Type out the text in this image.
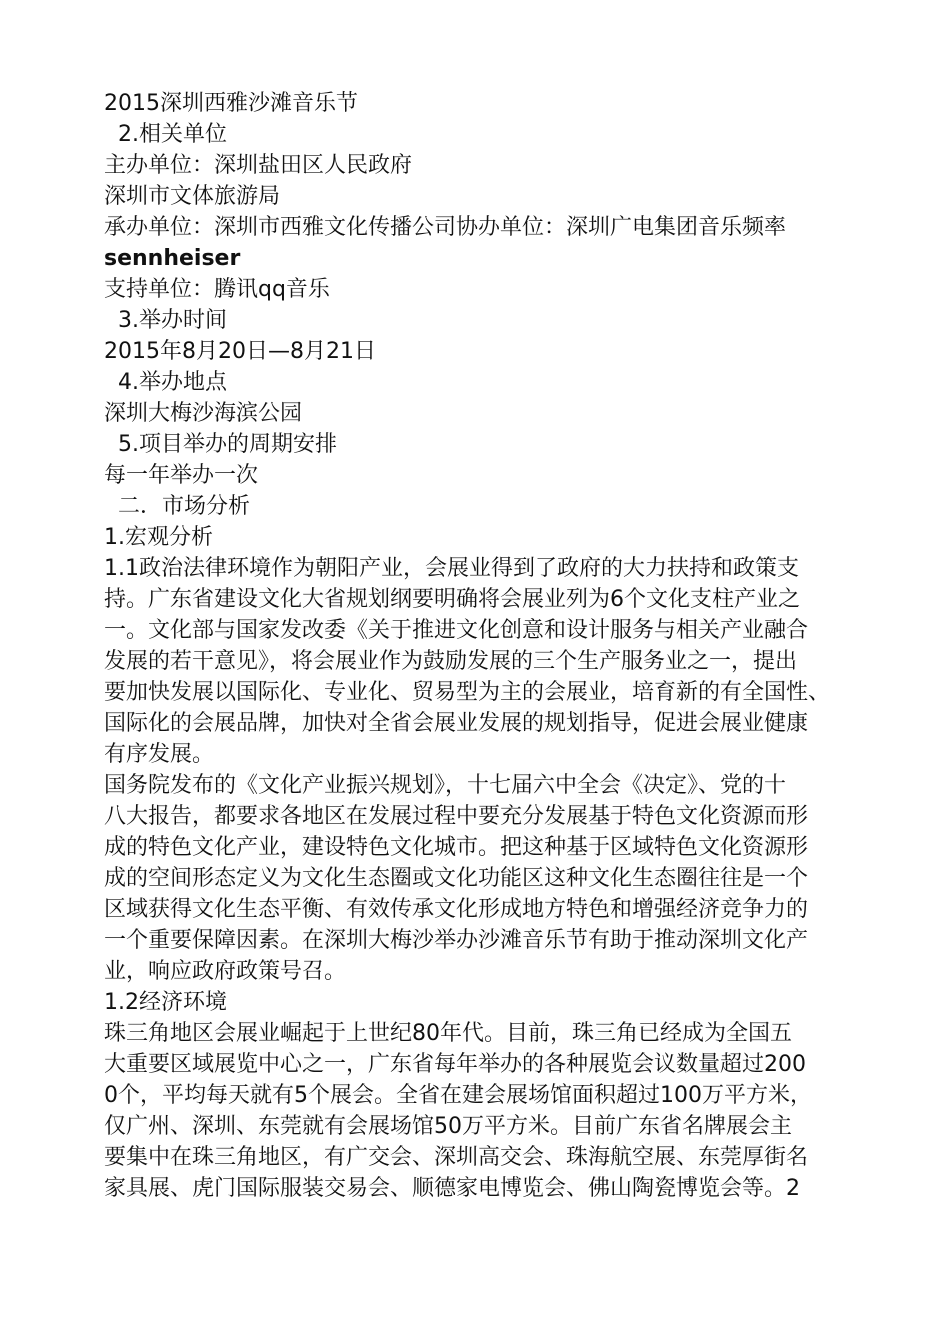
2015深圳西雅沙滩音乐节
2.相关单位
主办单位：深圳盐田区人民政府
深圳市文体旅游局
承办单位：深圳市西雅文化传播公司协办单位：深圳广电集团音乐频率
sennheiser
支持单位：腾讯qq音乐
3.举办时间
2015年8月20日—8月21日
4.举办地点
深圳大梅沙海滨公园
5.项目举办的周期安排
每一年举办一次
二．市场分析
1.宏观分析
1.1政治法律环境作为朝阳产业，会展业得到了政府的大力扶持和政策支
持。广东省建设文化大省规划纲要明确将会展业列为6个文化支柱产业之
一。文化部与国家发改委《关于推进文化创意和设计服务与相关产业融合
发展的若干意见》，将会展业作为鼓励发展的三个生产服务业之一，提出
要加快发展以国际化、专业化、贸易型为主的会展业，培育新的有全国性、
国际化的会展品牌，加快对全省会展业发展的规划指导，促进会展业健康
有序发展。
国务院发布的《文化产业振兴规划》，十七届六中全会《决定》、党的十
八大报告，都要求各地区在发展过程中要充分发展基于特色文化资源而形
成的特色文化产业，建设特色文化城市。把这种基于区域特色文化资源形
成的空间形态定义为文化生态圈或文化功能区这种文化生态圈往往是一个
区域获得文化生态平衡、有效传承文化形成地方特色和增强经济竞争力的
一个重要保障因素。在深圳大梅沙举办沙滩音乐节有助于推动深圳文化产
业，响应政府政策号召。
1.2经济环境
珠三角地区会展业崛起于上世纪80年代。目前，珠三角已经成为全国五
大重要区域展览中心之一，广东省每年举办的各种展览会议数量超过200
0个，平均每天就有5个展会。全省在建会展场馆面积超过100万平方米，
仅广州、深圳、东莞就有会展场馆50万平方米。目前广东省名牌展会主
要集中在珠三角地区，有广交会、深圳高交会、珠海航空展、东莞厚街名
家具展、虎门国际服装交易会、顺德家电博览会、佛山陶瓷博览会等。2
